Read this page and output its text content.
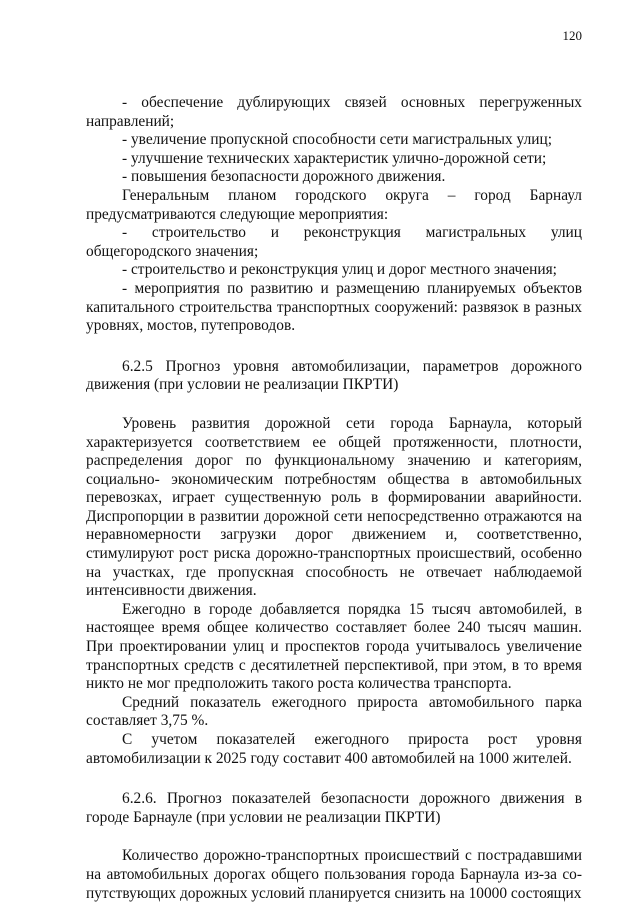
120

- обеспечение дублирующих связей основных перегруженных направлений;

- увеличение пропускной способности сети магистральных улиц;

- улучшение технических характеристик улично-дорожной сети;

- повышения безопасности дорожного движения.

Генеральным планом городского округа – город Барнаул предусматриваются следующие мероприятия:

- строительство и реконструкция магистральных улиц общегородского значения;

- строительство и реконструкция улиц и дорог местного значения;

- мероприятия по развитию и размещению планируемых объектов капитального строительства транспортных сооружений: развязок в разных уровнях, мостов, путепроводов.

6.2.5 Прогноз уровня автомобилизации, параметров дорожного движения (при условии не реализации ПКРТИ)

Уровень развития дорожной сети города Барнаула, который характеризуется соответствием ее общей протяженности, плотности, распределения дорог по функциональному значению и категориям, социально- экономическим потребностям общества в автомобильных перевозках, играет существенную роль в формировании аварийности. Диспропорции в развитии дорожной сети непосредственно отражаются на неравномерности загрузки дорог движением и, соответственно, стимулируют рост риска дорожно-транспортных происшествий, особенно на участках, где пропускная способность не отвечает наблюдаемой интенсивности движения.

Ежегодно в городе добавляется порядка 15 тысяч автомобилей, в настоящее время общее количество составляет более 240 тысяч машин. При проектировании улиц и проспектов города учитывалось увеличение транспортных средств с десятилетней перспективой, при этом, в то время никто не мог предположить такого роста количества транспорта.

Средний показатель ежегодного прироста автомобильного парка составляет 3,75 %.

С учетом показателей ежегодного прироста рост уровня автомобилизации к 2025 году составит 400 автомобилей на 1000 жителей.

6.2.6. Прогноз показателей безопасности дорожного движения в городе Барнауле (при условии не реализации ПКРТИ)

Количество дорожно-транспортных происшествий с пострадавшими на автомобильных дорогах общего пользования города Барнаула из-за со-путствующих дорожных условий планируется снизить на 10000 состоящих
